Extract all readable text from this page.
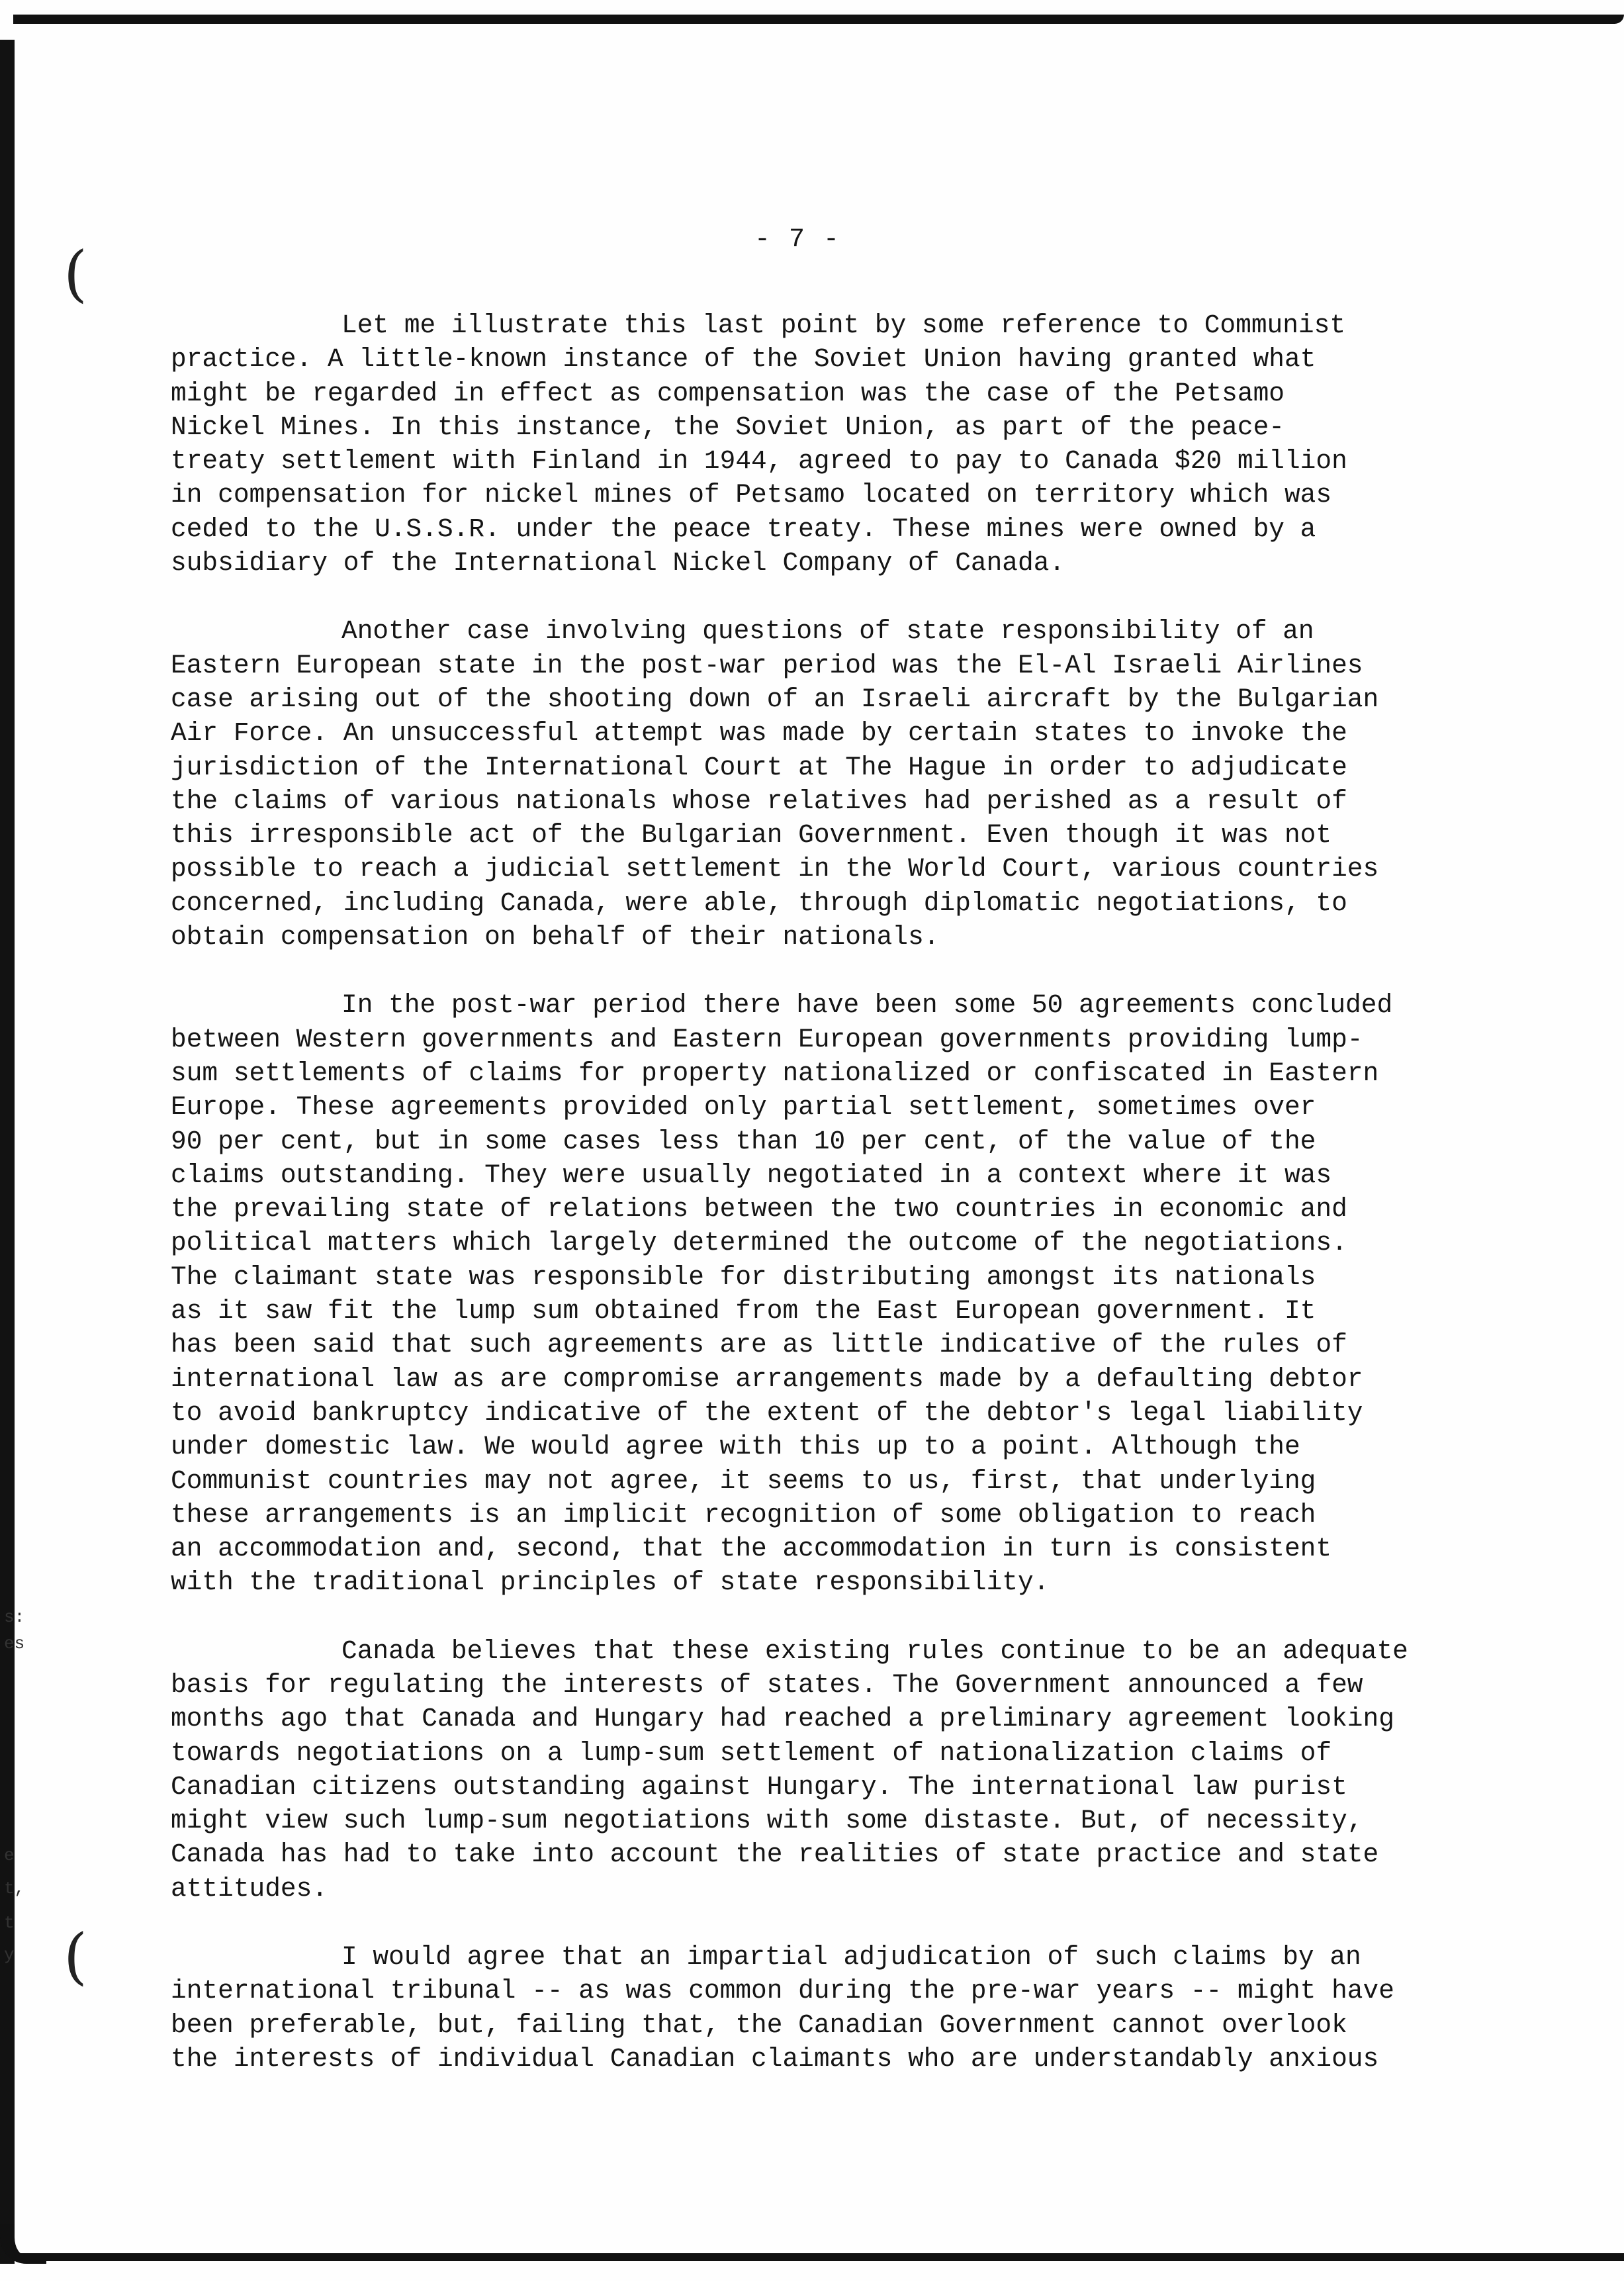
(
(
s:
es
e
t,
t
y
- 7 -

Let me illustrate this last point by some reference to Communist
practice. A little-known instance of the Soviet Union having granted what
might be regarded in effect as compensation was the case of the Petsamo
Nickel Mines. In this instance, the Soviet Union, as part of the peace-
treaty settlement with Finland in 1944, agreed to pay to Canada $20 million
in compensation for nickel mines of Petsamo located on territory which was
ceded to the U.S.S.R. under the peace treaty. These mines were owned by a
subsidiary of the International Nickel Company of Canada.

Another case involving questions of state responsibility of an
Eastern European state in the post-war period was the El-Al Israeli Airlines
case arising out of the shooting down of an Israeli aircraft by the Bulgarian
Air Force. An unsuccessful attempt was made by certain states to invoke the
jurisdiction of the International Court at The Hague in order to adjudicate
the claims of various nationals whose relatives had perished as a result of
this irresponsible act of the Bulgarian Government. Even though it was not
possible to reach a judicial settlement in the World Court, various countries
concerned, including Canada, were able, through diplomatic negotiations, to
obtain compensation on behalf of their nationals.

In the post-war period there have been some 50 agreements concluded
between Western governments and Eastern European governments providing lump-
sum settlements of claims for property nationalized or confiscated in Eastern
Europe. These agreements provided only partial settlement, sometimes over
90 per cent, but in some cases less than 10 per cent, of the value of the
claims outstanding. They were usually negotiated in a context where it was
the prevailing state of relations between the two countries in economic and
political matters which largely determined the outcome of the negotiations.
The claimant state was responsible for distributing amongst its nationals
as it saw fit the lump sum obtained from the East European government. It
has been said that such agreements are as little indicative of the rules of
international law as are compromise arrangements made by a defaulting debtor
to avoid bankruptcy indicative of the extent of the debtor's legal liability
under domestic law. We would agree with this up to a point. Although the
Communist countries may not agree, it seems to us, first, that underlying
these arrangements is an implicit recognition of some obligation to reach
an accommodation and, second, that the accommodation in turn is consistent
with the traditional principles of state responsibility.

Canada believes that these existing rules continue to be an adequate
basis for regulating the interests of states. The Government announced a few
months ago that Canada and Hungary had reached a preliminary agreement looking
towards negotiations on a lump-sum settlement of nationalization claims of
Canadian citizens outstanding against Hungary. The international law purist
might view such lump-sum negotiations with some distaste. But, of necessity,
Canada has had to take into account the realities of state practice and state
attitudes.

I would agree that an impartial adjudication of such claims by an
international tribunal -- as was common during the pre-war years -- might have
been preferable, but, failing that, the Canadian Government cannot overlook
the interests of individual Canadian claimants who are understandably anxious
